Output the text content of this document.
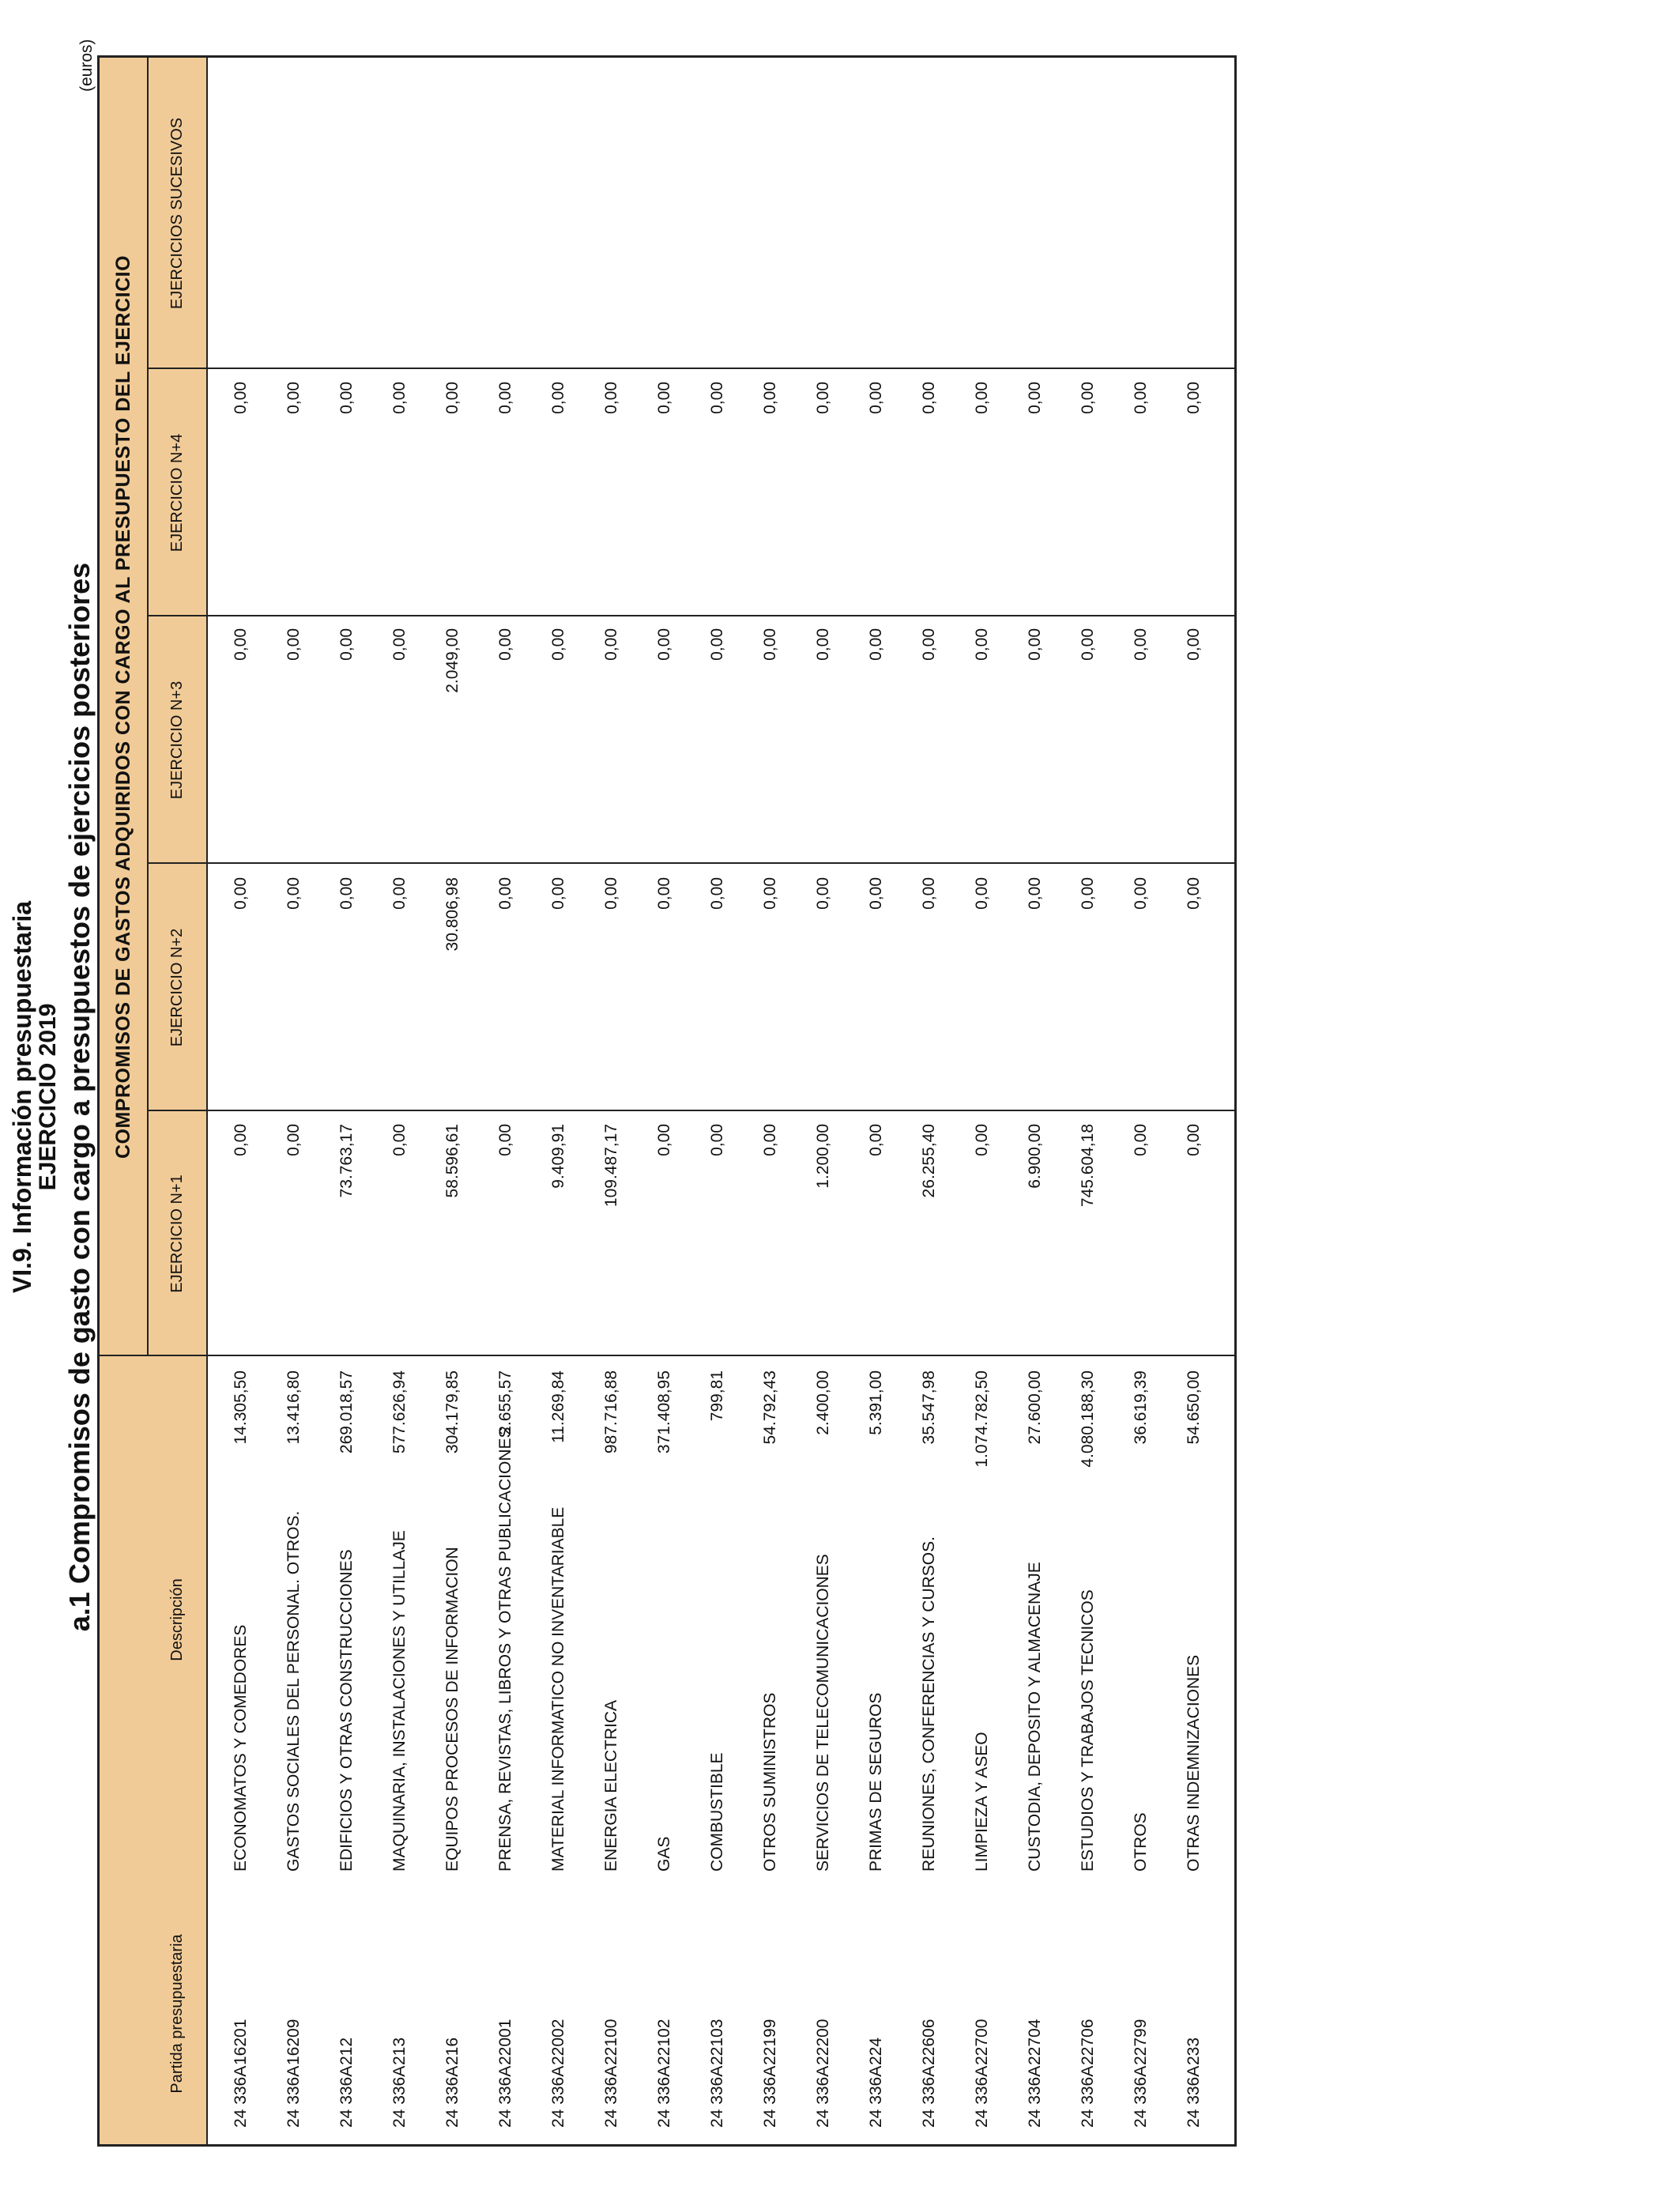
VI.9. Información presupuestaria
EJERCICIO 2019 a.1 Compromisos de gasto con cargo a presupuestos de ejercicios posteriores
(euros)
COMPROMISOS DE GASTOS ADQUIRIDOS CON CARGO AL PRESUPUESTO DEL EJERCICIO
Partida presupuestaria
Descripción
EJERCICIO N+1
EJERCICIO N+2
EJERCICIO N+3
EJERCICIO N+4
EJERCICIOS SUCESIVOS
24 336A
16201
ECONOMATOS Y COMEDORES
14.305,50
0,00
0,00
0,00
0,00
24 336A
16209
GASTOS SOCIALES DEL PERSONAL. OTROS.
13.416,80
0,00
0,00
0,00
0,00
24 336A
212
EDIFICIOS Y OTRAS CONSTRUCCIONES
269.018,57
73.763,17
0,00
0,00
0,00
24 336A
213
MAQUINARIA, INSTALACIONES Y UTILLAJE
577.626,94
0,00
0,00
0,00
0,00
24 336A
216
EQUIPOS PROCESOS DE INFORMACION
304.179,85
58.596,61
30.806,98
2.049,00
0,00
24 336A
22001
PRENSA, REVISTAS, LIBROS Y OTRAS PUBLICACIONES
2.655,57
0,00
0,00
0,00
0,00
24 336A
22002
MATERIAL INFORMATICO NO INVENTARIABLE
11.269,84
9.409,91
0,00
0,00
0,00
24 336A
22100
ENERGIA ELECTRICA
987.716,88
109.487,17
0,00
0,00
0,00
24 336A
22102
GAS
371.408,95
0,00
0,00
0,00
0,00
24 336A
22103
COMBUSTIBLE
799,81
0,00
0,00
0,00
0,00
24 336A
22199
OTROS SUMINISTROS
54.792,43
0,00
0,00
0,00
0,00
24 336A
22200
SERVICIOS DE TELECOMUNICACIONES
2.400,00
1.200,00
0,00
0,00
0,00
24 336A
224
PRIMAS DE SEGUROS
5.391,00
0,00
0,00
0,00
0,00
24 336A
22606
REUNIONES, CONFERENCIAS Y CURSOS.
35.547,98
26.255,40
0,00
0,00
0,00
24 336A
22700
LIMPIEZA Y ASEO
1.074.782,50
0,00
0,00
0,00
0,00
24 336A
22704
CUSTODIA, DEPOSITO Y ALMACENAJE
27.600,00
6.900,00
0,00
0,00
0,00
24 336A
22706
ESTUDIOS Y TRABAJOS TECNICOS
4.080.188,30
745.604,18
0,00
0,00
0,00
24 336A
22799
OTROS
36.619,39
0,00
0,00
0,00
0,00
24 336A
233
OTRAS INDEMNIZACIONES
54.650,00
0,00
0,00
0,00
0,00
